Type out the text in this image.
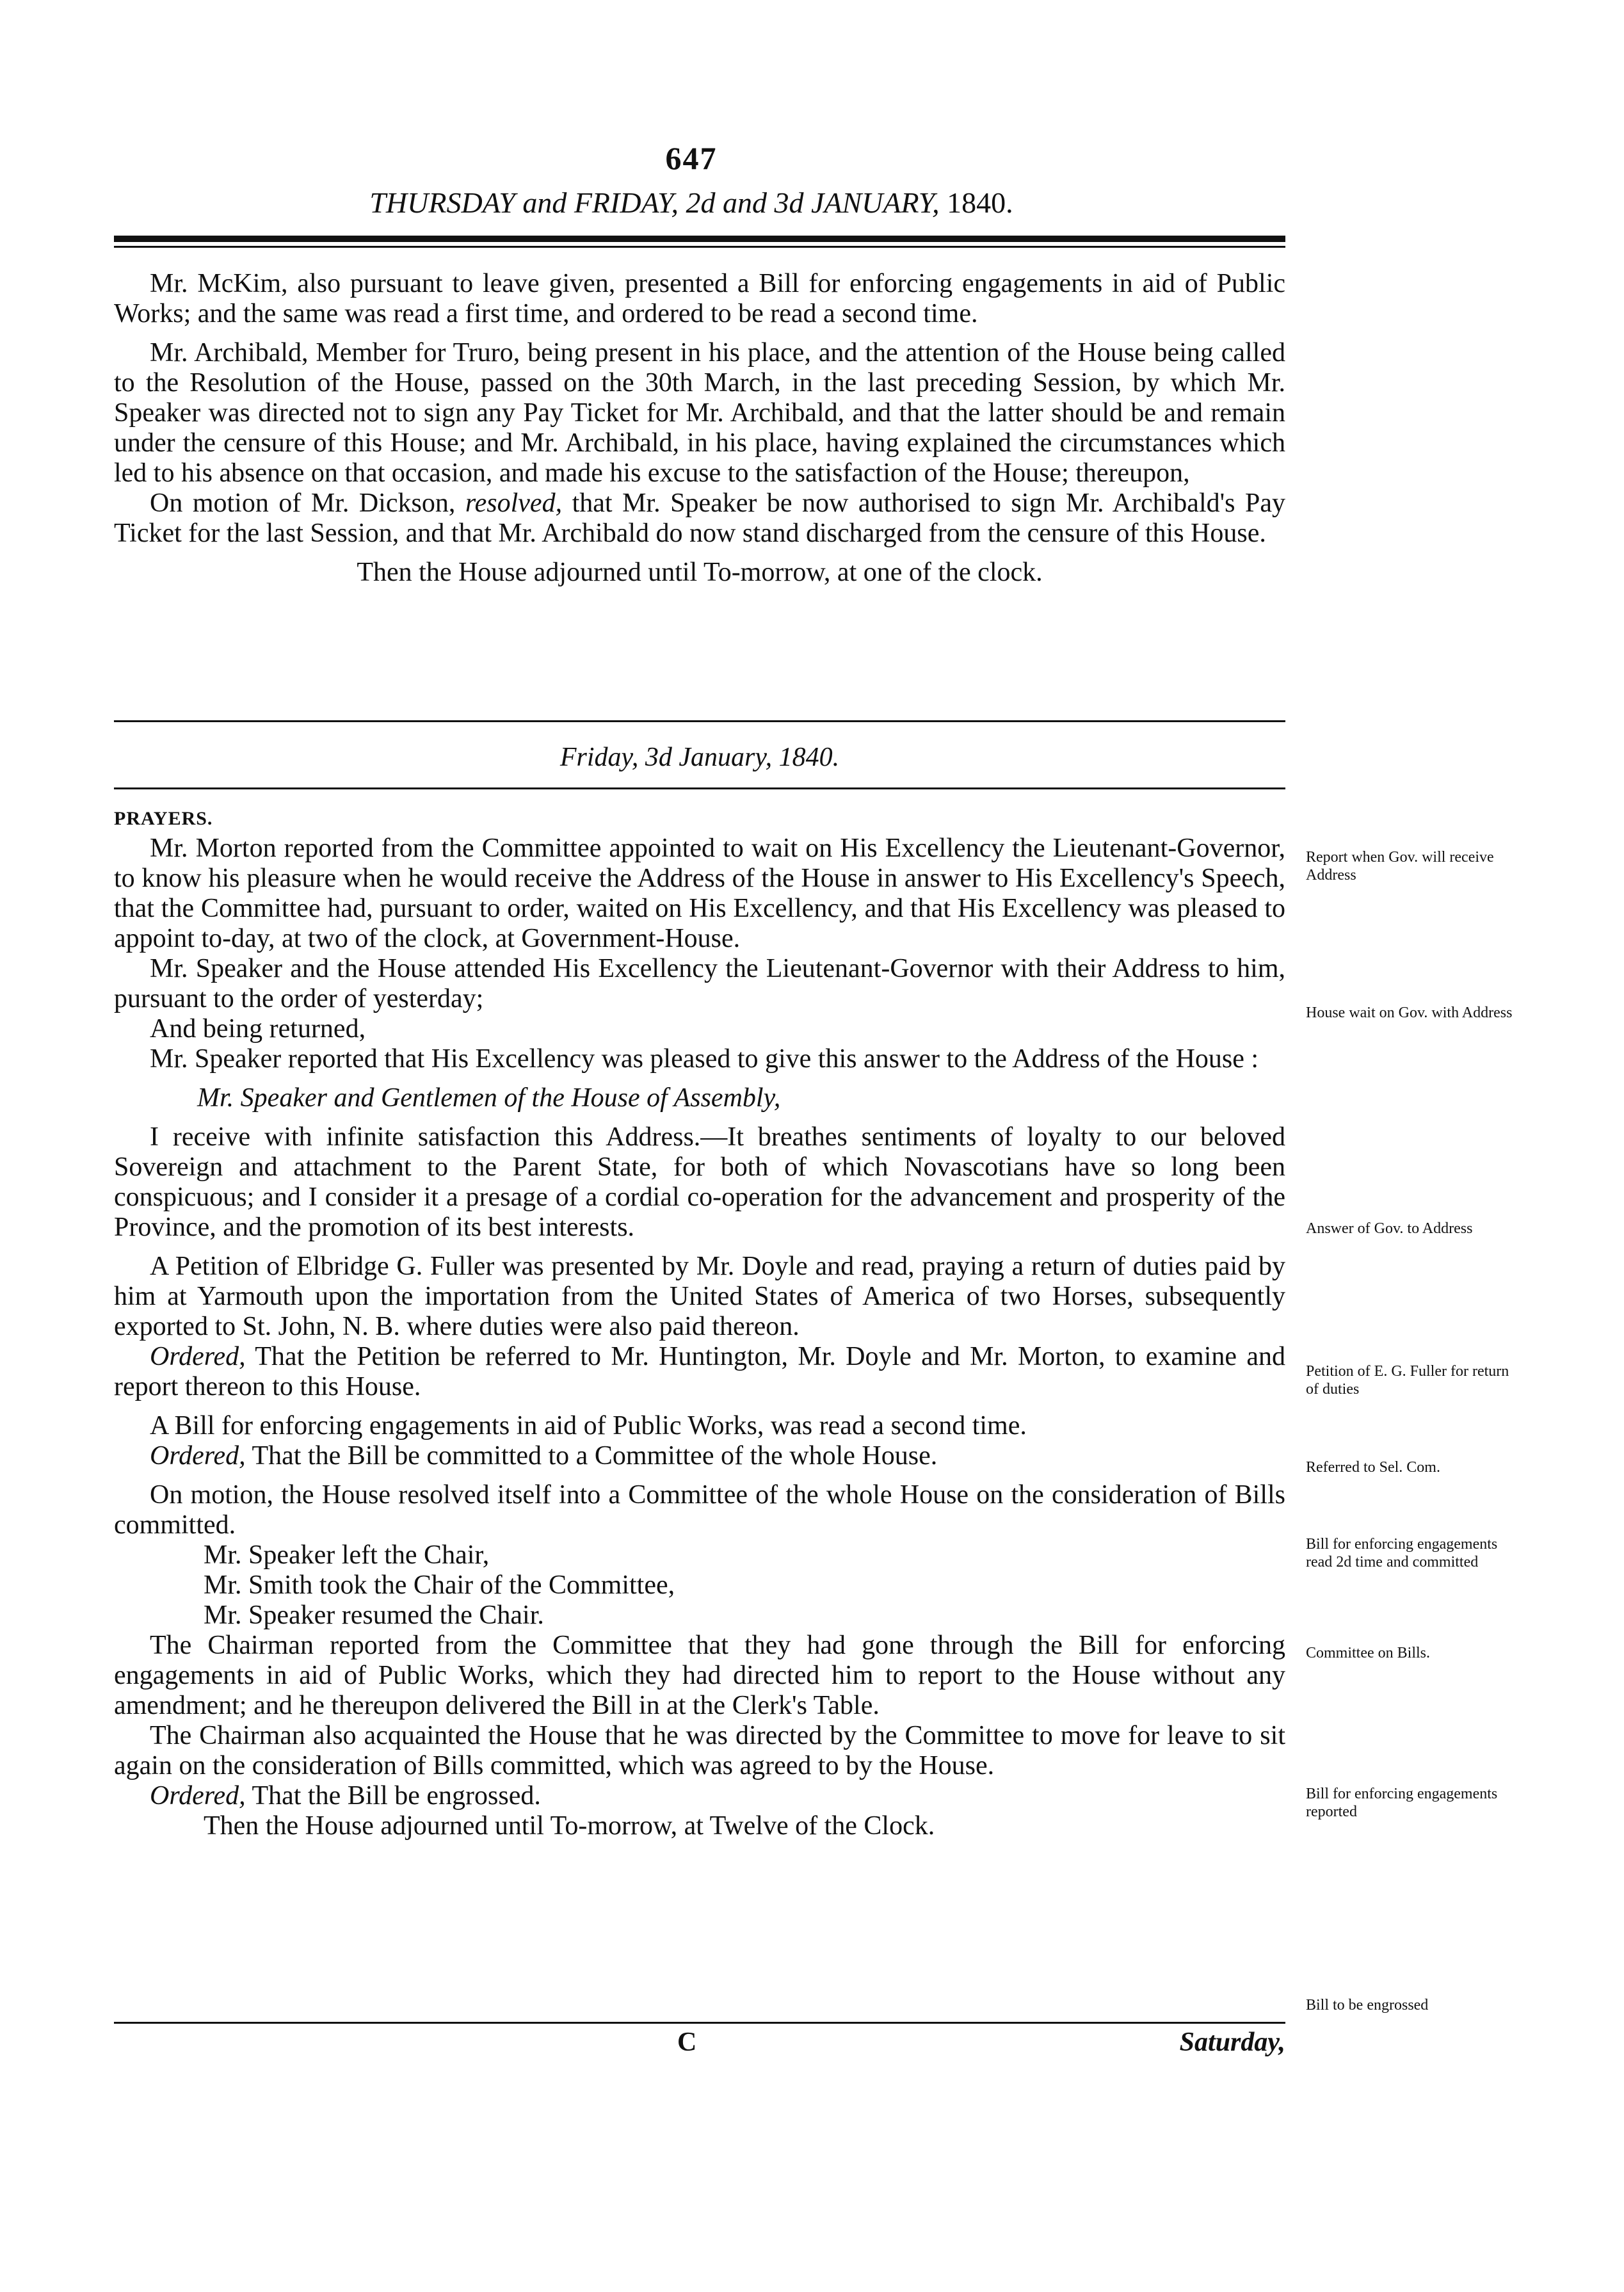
647
THURSDAY and FRIDAY, 2d and 3d JANUARY, 1840.

Mr. McKim, also pursuant to leave given, presented a Bill for enforcing engagements in aid of Public Works; and the same was read a first time, and ordered to be read a second time.

Mr. Archibald, Member for Truro, being present in his place, and the attention of the House being called to the Resolution of the House, passed on the 30th March, in the last preceding Session, by which Mr. Speaker was directed not to sign any Pay Ticket for Mr. Archibald, and that the latter should be and remain under the censure of this House; and Mr. Archibald, in his place, having explained the circumstances which led to his absence on that occasion, and made his excuse to the satisfaction of the House; thereupon,

On motion of Mr. Dickson, resolved, that Mr. Speaker be now authorised to sign Mr. Archibald's Pay Ticket for the last Session, and that Mr. Archibald do now stand discharged from the censure of this House.

Then the House adjourned until To-morrow, at one of the clock.

Friday, 3d January, 1840.

PRAYERS.

Mr. Morton reported from the Committee appointed to wait on His Excellency the Lieutenant-Governor, to know his pleasure when he would receive the Address of the House in answer to His Excellency's Speech, that the Committee had, pursuant to order, waited on His Excellency, and that His Excellency was pleased to appoint to-day, at two of the clock, at Government-House.

Mr. Speaker and the House attended His Excellency the Lieutenant-Governor with their Address to him, pursuant to the order of yesterday;

And being returned,

Mr. Speaker reported that His Excellency was pleased to give this answer to the Address of the House :

Mr. Speaker and Gentlemen of the House of Assembly,

I receive with infinite satisfaction this Address.—It breathes sentiments of loyalty to our beloved Sovereign and attachment to the Parent State, for both of which Novascotians have so long been conspicuous; and I consider it a presage of a cordial co-operation for the advancement and prosperity of the Province, and the promotion of its best interests.

A Petition of Elbridge G. Fuller was presented by Mr. Doyle and read, praying a return of duties paid by him at Yarmouth upon the importation from the United States of America of two Horses, subsequently exported to St. John, N. B. where duties were also paid thereon.

Ordered, That the Petition be referred to Mr. Huntington, Mr. Doyle and Mr. Morton, to examine and report thereon to this House.

A Bill for enforcing engagements in aid of Public Works, was read a second time.

Ordered, That the Bill be committed to a Committee of the whole House.

On motion, the House resolved itself into a Committee of the whole House on the consideration of Bills committed.

Mr. Speaker left the Chair,

Mr. Smith took the Chair of the Committee,

Mr. Speaker resumed the Chair.

The Chairman reported from the Committee that they had gone through the Bill for enforcing engagements in aid of Public Works, which they had directed him to report to the House without any amendment; and he thereupon delivered the Bill in at the Clerk's Table.

The Chairman also acquainted the House that he was directed by the Committee to move for leave to sit again on the consideration of Bills committed, which was agreed to by the House.

Ordered, That the Bill be engrossed.

Then the House adjourned until To-morrow, at Twelve of the Clock.

Report when Gov. will receive Address
House wait on Gov. with Address
Answer of Gov. to Address
Petition of E. G. Fuller for return of duties
Referred to Sel. Com.
Bill for enforcing engagements read 2d time and committed
Committee on Bills.
Bill for enforcing engagements reported
Bill to be engrossed
C	Saturday,
